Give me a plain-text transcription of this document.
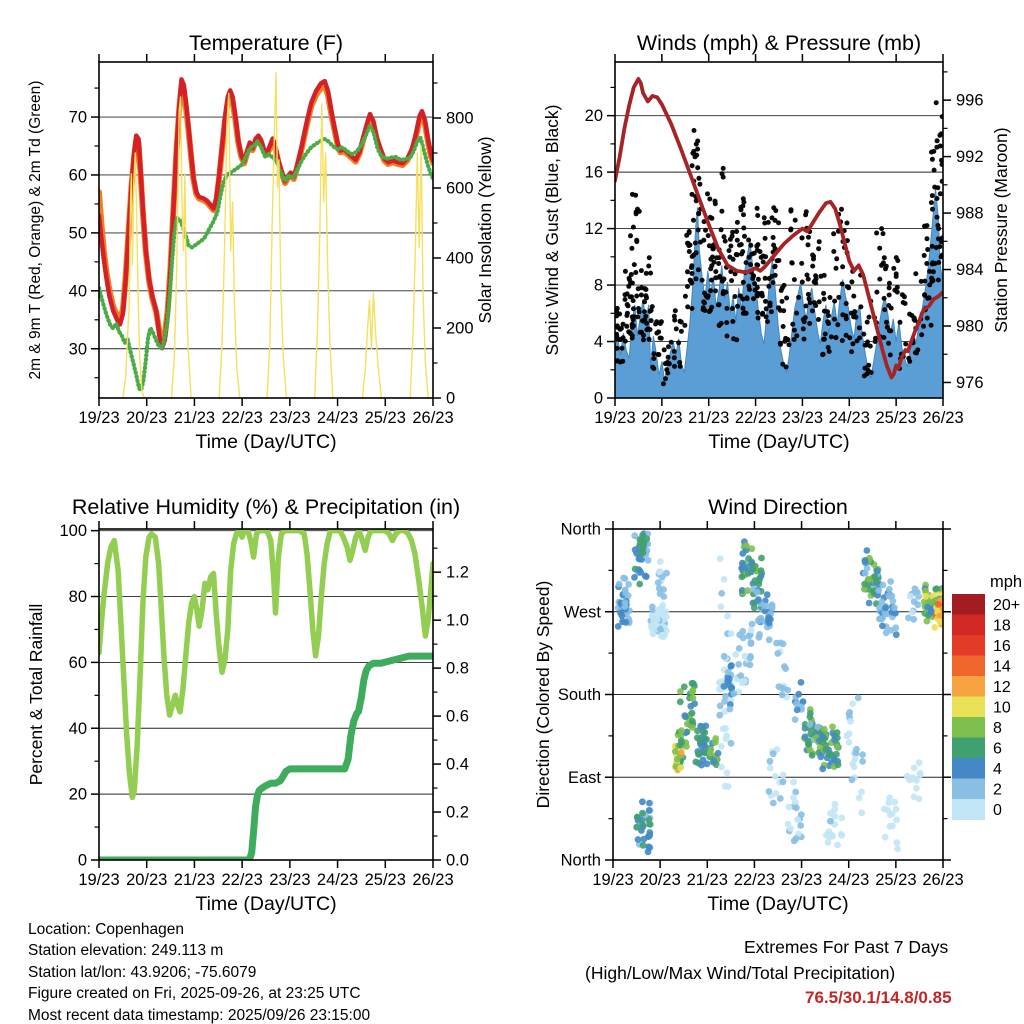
19/23 20/23 21/23 22/23 23/23 24/23 25/23 26/23
30
40
50
60
70
0
200
400
600
800
Temperature (F)
Time (Day/UTC)
2m & 9m T (Red, Orange) & 2m Td (Green)	Solar Insolation (Yellow)
19/23 20/23 21/23 22/23 23/23 24/23 25/23 26/23
0
4
8
12
16
20
976
980
984
988
992
996
Winds (mph) & Pressure (mb)
Time (Day/UTC)
Sonic Wind & Gust (Blue, Black)	Station Pressure (Maroon)
19/23 20/23 21/23 22/23 23/23 24/23 25/23 26/23
0
20
40
60
80
100
0.0
0.2
0.4
0.6
0.8
1.0
1.2
Relative Humidity (%) & Precipitation (in)
Time (Day/UTC)
Percent & Total Rainfall
19/23 20/23 21/23 22/23 23/23 24/23 25/23 26/23
North
West
South
East
North
Wind Direction
Time (Day/UTC)
Direction (Colored By Speed)	mph
20+
18
16
14
12
10
8
6
4
2
0
Location: Copenhagen
Station elevation: 249.113 m
Station lat/lon: 43.9206; -75.6079
Figure created on Fri, 2025-09-26, at 23:25 UTC
Most recent data timestamp: 2025/09/26 23:15:00
Extremes For Past 7 Days
(High/Low/Max Wind/Total Precipitation)
76.5/30.1/14.8/0.85
